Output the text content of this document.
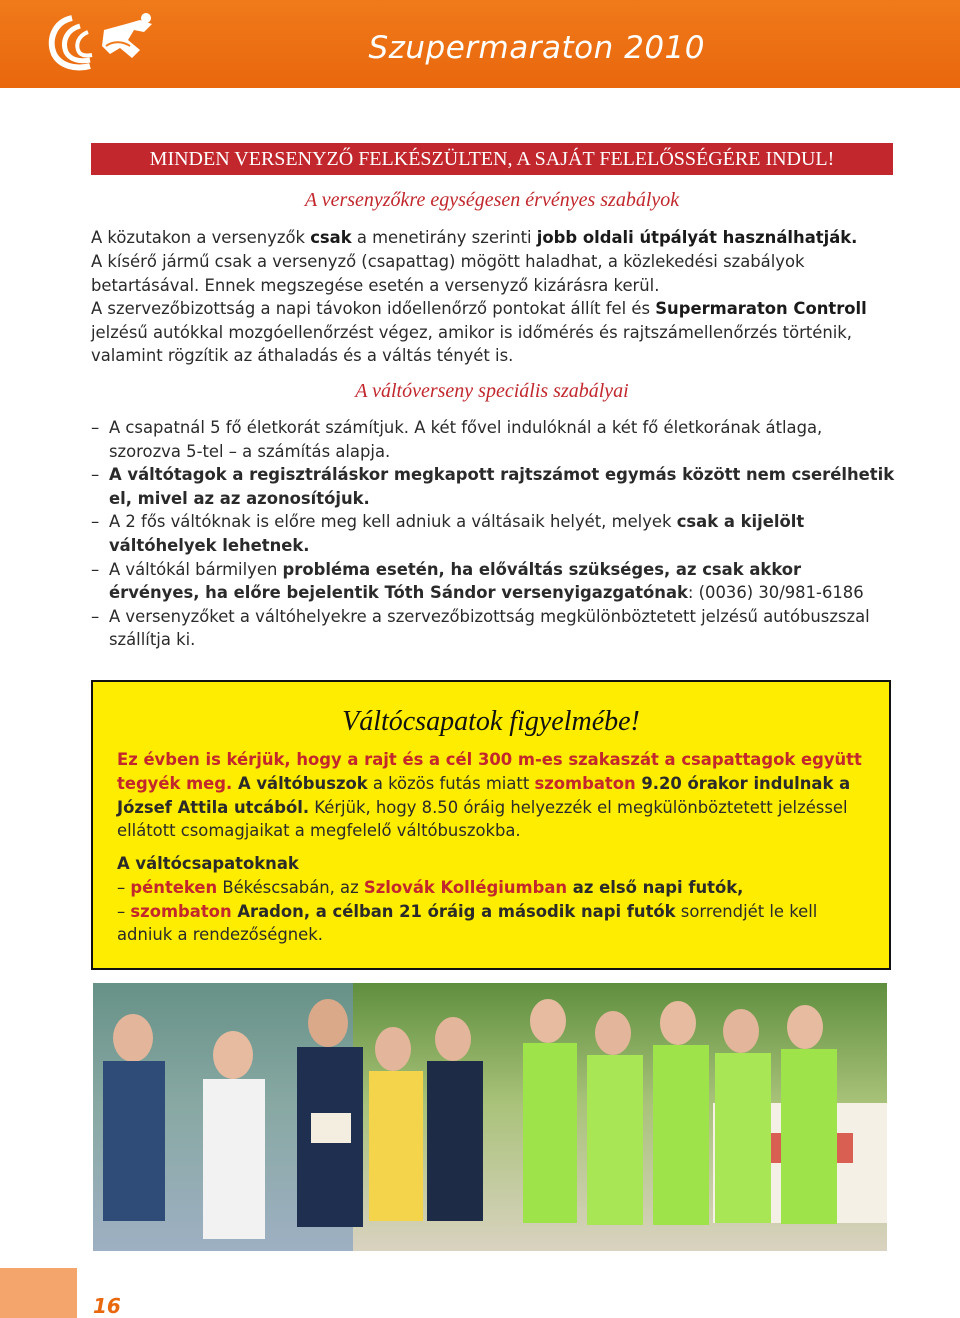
Szupermaraton 2010
MINDEN VERSENYZŐ FELKÉSZÜLTEN, A SAJÁT FELELŐSSÉGÉRE INDUL!
A versenyzőkre egységesen érvényes szabályok
A közutakon a versenyzők csak a menetirány szerinti jobb oldali útpályát használhatják.
A kísérő jármű csak a versenyző (csapattag) mögött haladhat, a közlekedési szabályok betartásával. Ennek megszegése esetén a versenyző kizárásra kerül.
A szervezőbizottság a napi távokon időellenőrző pontokat állít fel és Supermaraton Controll jelzésű autókkal mozgóellenőrzést végez, amikor is időmérés és rajtszámellenőrzés történik, valamint rögzítik az áthaladás és a váltás tényét is.
A váltóverseny speciális szabályai
– A csapatnál 5 fő életkorát számítjuk. A két fővel indulóknál a két fő életkorának átlaga, szorozva 5-tel – a számítás alapja.
– A váltótagok a regisztráláskor megkapott rajtszámot egymás között nem cserélhetik el, mivel az az azonosítójuk.
– A 2 fős váltóknak is előre meg kell adniuk a váltásaik helyét, melyek csak a kijelölt váltóhelyek lehetnek.
– A váltókál bármilyen probléma esetén, ha előváltás szükséges, az csak akkor érvényes, ha előre bejelentik Tóth Sándor versenyigazgatónak: (0036) 30/981-6186
– A versenyzőket a váltóhelyekre a szervezőbizottság megkülönböztetett jelzésű autóbuszszal szállítja ki.
Váltócsapatok figyelmébe!
Ez évben is kérjük, hogy a rajt és a cél 300 m-es szakaszát a csapattagok együtt tegyék meg. A váltóbuszok a közös futás miatt szombaton 9.20 órakor indulnak a József Attila utcából. Kérjük, hogy 8.50 óráig helyezzék el megkülönböztetett jelzéssel ellátott csomagjaikat a megfelelő váltóbuszokba.
A váltócsapatoknak
– pénteken Békéscsabán, az Szlovák Kollégiumban az első napi futók,
– szombaton Aradon, a célban 21 óráig a második napi futók sorrendjét le kell adniuk a rendezőségnek.
16
